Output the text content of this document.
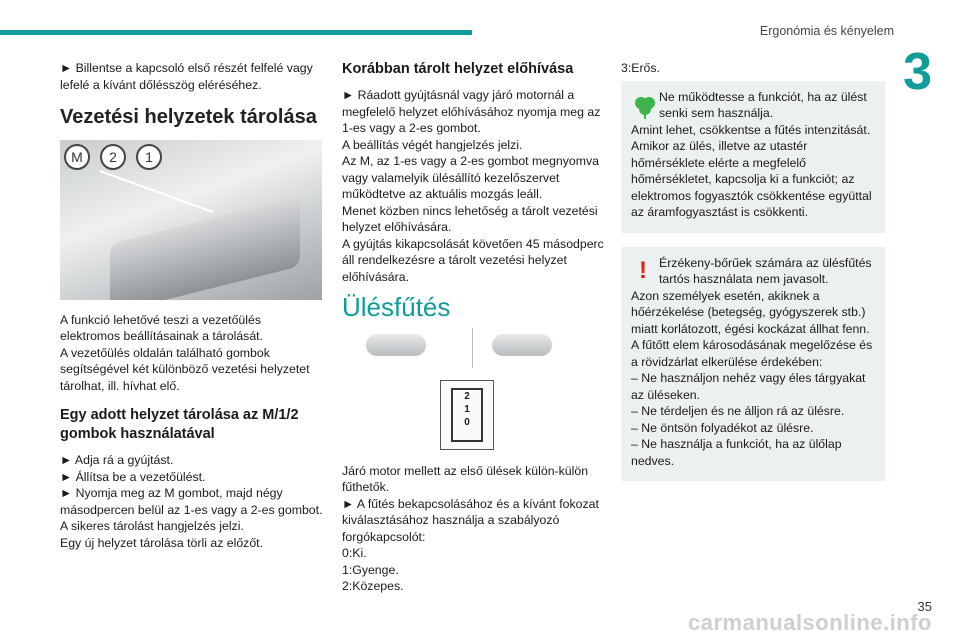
Ergonómia és kényelem
3

► Billentse a kapcsoló első részét felfelé vagy lefelé a kívánt dőlésszög eléréséhez.

Vezetési helyzetek tárolása
M	2	1

A funkció lehetővé teszi a vezetőülés elektromos beállításainak a tárolását.

A vezetőülés oldalán található gombok segítségével két különböző vezetési helyzetet tárolhat, ill. hívhat elő.

Egy adott helyzet tárolása az M/1/2 gombok használatával

► Adja rá a gyújtást.

► Állítsa be a vezetőülést.

► Nyomja meg az M gombot, majd négy másodpercen belül az 1-es vagy a 2-es gombot.

A sikeres tárolást hangjelzés jelzi.

Egy új helyzet tárolása törli az előzőt.

Korábban tárolt helyzet előhívása

► Ráadott gyújtásnál vagy járó motornál a megfelelő helyzet előhívásához nyomja meg az 1-es vagy a 2-es gombot.

A beállítás végét hangjelzés jelzi.

Az M, az 1-es vagy a 2-es gombot megnyomva vagy valamelyik ülésállító kezelőszervet működtetve az aktuális mozgás leáll.

Menet közben nincs lehetőség a tárolt vezetési helyzet előhívására.

A gyújtás kikapcsolását követően 45 másodperc áll rendelkezésre a tárolt vezetési helyzet előhívására.

Ülésfűtés
2
1
0

Járó motor mellett az első ülések külön-külön fűthetők.

► A fűtés bekapcsolásához és a kívánt fokozat kiválasztásához használja a szabályozó forgókapcsolót:

0:Ki.

1:Gyenge.

2:Közepes.

3:Erős.

Ne működtesse a funkciót, ha az ülést senki sem használja.

Amint lehet, csökkentse a fűtés intenzitását.

Amikor az ülés, illetve az utastér hőmérséklete elérte a megfelelő hőmérsékletet, kapcsolja ki a funkciót; az elektromos fogyasztók csökkentése együttal az áramfogyasztást is csökkenti.

! Érzékeny-bőrűek számára az ülésfűtés tartós használata nem javasolt.

Azon személyek esetén, akiknek a hőérzékelése (betegség, gyógyszerek stb.) miatt korlátozott, égési kockázat állhat fenn.

A fűtőtt elem károsodásának megelőzése és a rövidzárlat elkerülése érdekében:

– Ne használjon nehéz vagy éles tárgyakat az üléseken.

– Ne térdeljen és ne álljon rá az ülésre.

– Ne öntsön folyadékot az ülésre.

– Ne használja a funkciót, ha az ülőlap nedves.

carmanualsonline.info
35
